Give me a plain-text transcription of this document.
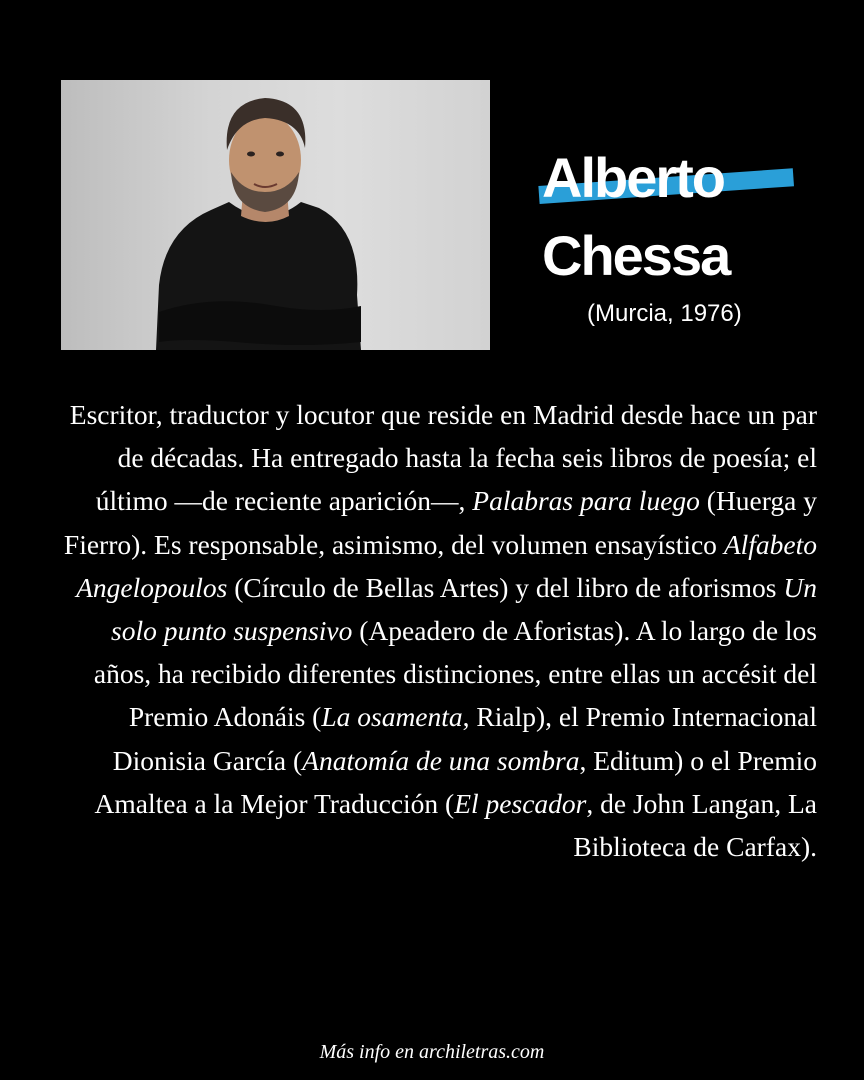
Alberto
Chessa
(Murcia, 1976)
Escritor, traductor y locutor que reside en Madrid desde hace un par de décadas. Ha entregado hasta la fecha seis libros de poesía; el último —de reciente aparición—, Palabras para luego (Huerga y Fierro). Es responsable, asimismo, del volumen ensayístico Alfabeto Angelopoulos (Círculo de Bellas Artes) y del libro de aforismos Un solo punto suspensivo (Apeadero de Aforistas). A lo largo de los años, ha recibido diferentes distinciones, entre ellas un accésit del Premio Adonáis (La osamenta, Rialp), el Premio Internacional Dionisia García (Anatomía de una sombra, Editum) o el Premio Amaltea a la Mejor Traducción (El pescador, de John Langan, La Biblioteca de Carfax).
Más info en archiletras.com
